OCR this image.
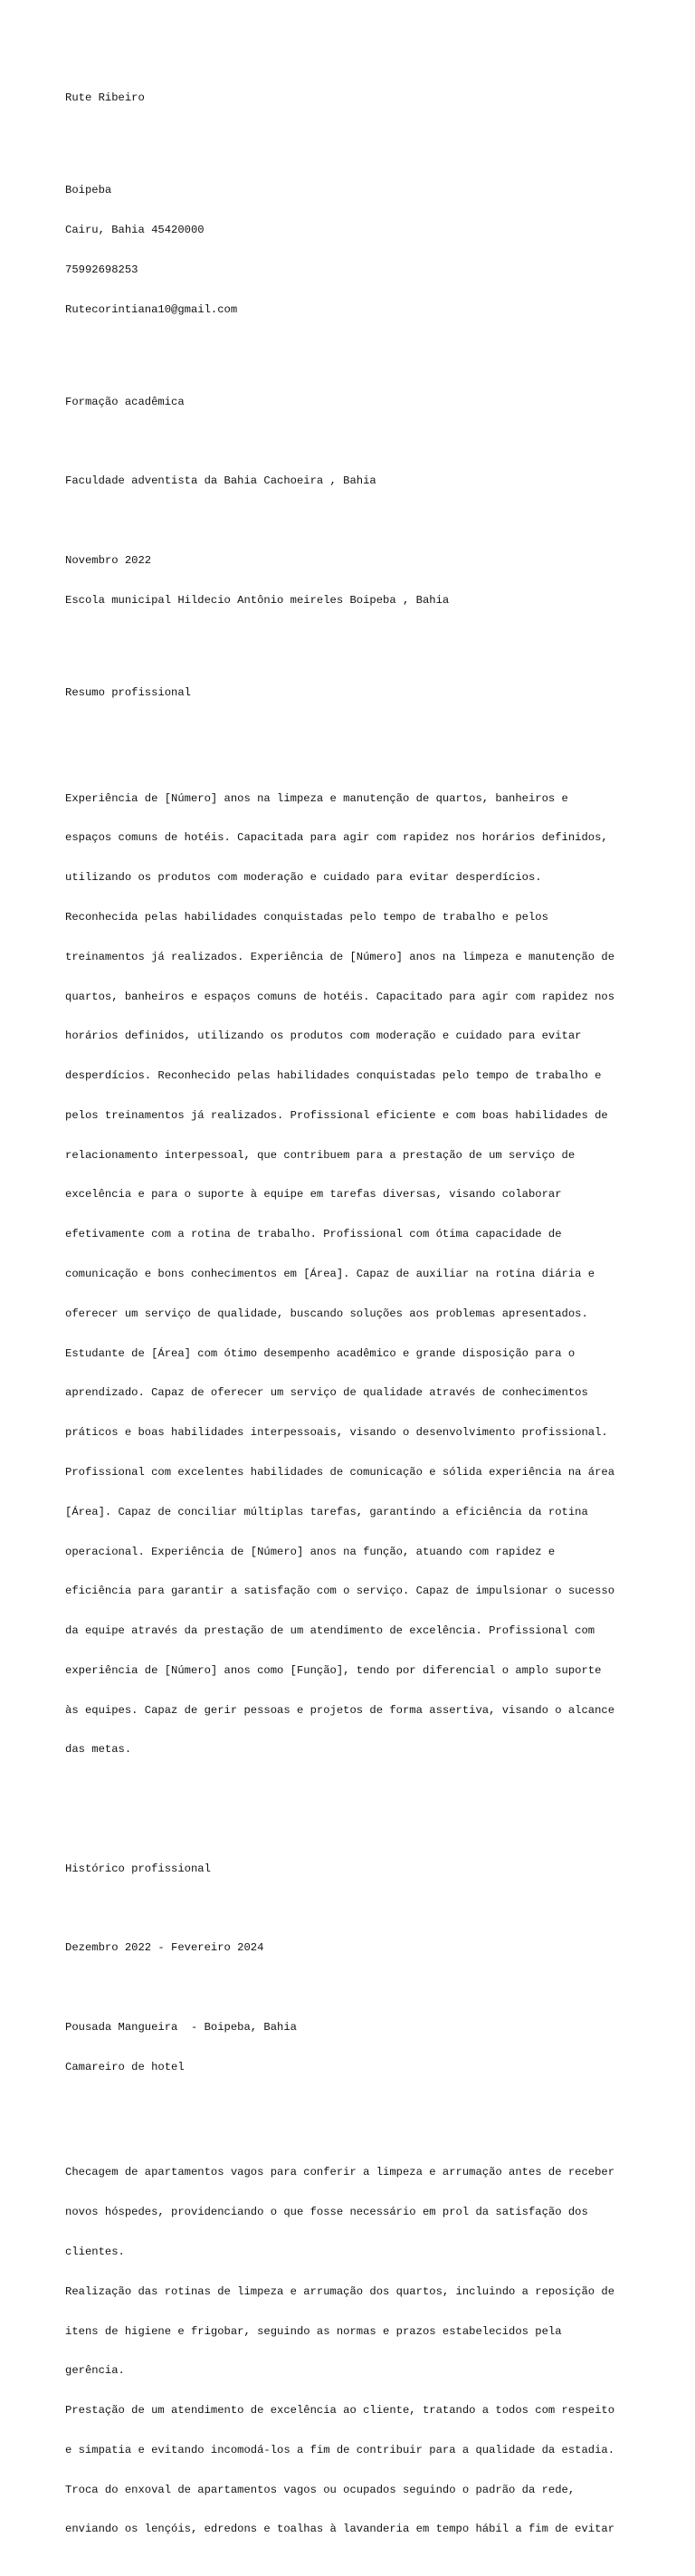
Rute Ribeiro

Boipeba

Cairu, Bahia 45420000

75992698253

Rutecorintiana10@gmail.com

Formação acadêmica

Faculdade adventista da Bahia Cachoeira , Bahia

Novembro 2022

Escola municipal Hildecio Antônio meireles Boipeba , Bahia

Resumo profissional

Experiência de [Número] anos na limpeza e manutenção de quartos, banheiros e

espaços comuns de hotéis. Capacitada para agir com rapidez nos horários definidos,

utilizando os produtos com moderação e cuidado para evitar desperdícios.

Reconhecida pelas habilidades conquistadas pelo tempo de trabalho e pelos

treinamentos já realizados. Experiência de [Número] anos na limpeza e manutenção de

quartos, banheiros e espaços comuns de hotéis. Capacitado para agir com rapidez nos

horários definidos, utilizando os produtos com moderação e cuidado para evitar

desperdícios. Reconhecido pelas habilidades conquistadas pelo tempo de trabalho e

pelos treinamentos já realizados. Profissional eficiente e com boas habilidades de

relacionamento interpessoal, que contribuem para a prestação de um serviço de

excelência e para o suporte à equipe em tarefas diversas, visando colaborar

efetivamente com a rotina de trabalho. Profissional com ótima capacidade de

comunicação e bons conhecimentos em [Área]. Capaz de auxiliar na rotina diária e

oferecer um serviço de qualidade, buscando soluções aos problemas apresentados.

Estudante de [Área] com ótimo desempenho acadêmico e grande disposição para o

aprendizado. Capaz de oferecer um serviço de qualidade através de conhecimentos

práticos e boas habilidades interpessoais, visando o desenvolvimento profissional.

Profissional com excelentes habilidades de comunicação e sólida experiência na área

[Área]. Capaz de conciliar múltiplas tarefas, garantindo a eficiência da rotina

operacional. Experiência de [Número] anos na função, atuando com rapidez e

eficiência para garantir a satisfação com o serviço. Capaz de impulsionar o sucesso

da equipe através da prestação de um atendimento de excelência. Profissional com

experiência de [Número] anos como [Função], tendo por diferencial o amplo suporte

às equipes. Capaz de gerir pessoas e projetos de forma assertiva, visando o alcance

das metas.

Histórico profissional

Dezembro 2022 - Fevereiro 2024

Pousada Mangueira  - Boipeba, Bahia

Camareiro de hotel

Checagem de apartamentos vagos para conferir a limpeza e arrumação antes de receber

novos hóspedes, providenciando o que fosse necessário em prol da satisfação dos

clientes.

Realização das rotinas de limpeza e arrumação dos quartos, incluindo a reposição de

itens de higiene e frigobar, seguindo as normas e prazos estabelecidos pela

gerência.

Prestação de um atendimento de excelência ao cliente, tratando a todos com respeito

e simpatia e evitando incomodá-los a fim de contribuir para a qualidade da estadia.

Troca do enxoval de apartamentos vagos ou ocupados seguindo o padrão da rede,

enviando os lençóis, edredons e toalhas à lavanderia em tempo hábil a fim de evitar
